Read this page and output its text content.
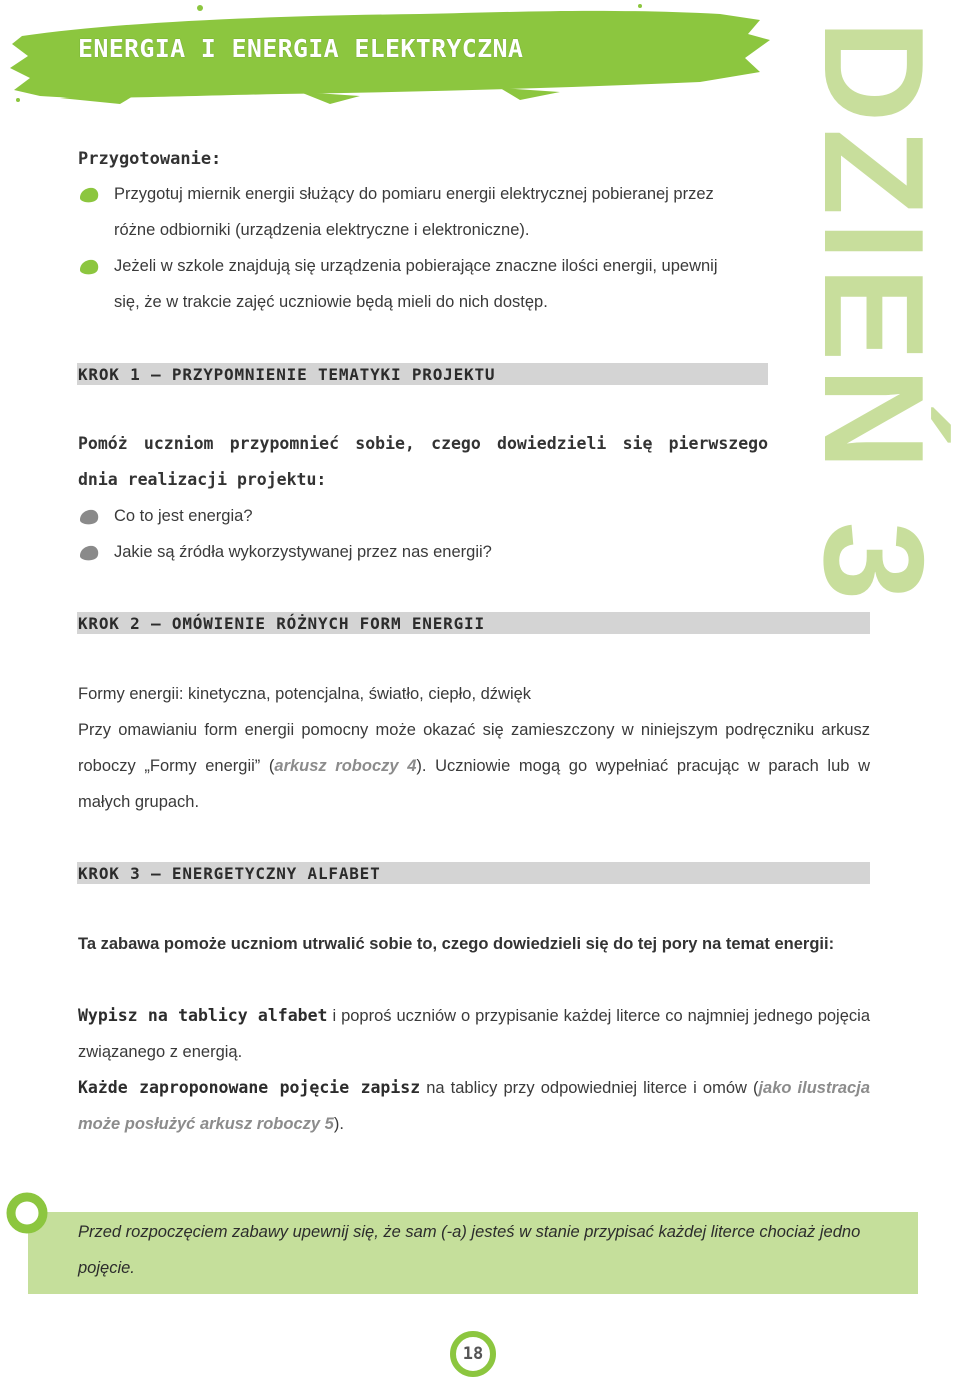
ENERGIA I ENERGIA ELEKTRYCZNA DZIEŃ 3
Przygotowanie:
Przygotuj miernik energii służący do pomiaru energii elektrycznej pobieranej przez różne odbiorniki (urządzenia elektryczne i elektroniczne).
Jeżeli w szkole znajdują się urządzenia pobierające znaczne ilości energii, upewnij się, że w trakcie zajęć uczniowie będą mieli do nich dostęp.
KROK 1 – PRZYPOMNIENIE TEMATYKI PROJEKTU
Pomóż uczniom przypomnieć sobie, czego dowiedzieli się pierwszego dnia realizacji projektu:
Co to jest energia?
Jakie są źródła wykorzystywanej przez nas energii?
KROK 2 – OMÓWIENIE RÓŻNYCH FORM ENERGII
Formy energii: kinetyczna, potencjalna, światło, ciepło, dźwięk
Przy omawianiu form energii pomocny może okazać się zamieszczony w niniejszym podręczniku arkusz roboczy „Formy energii” (arkusz roboczy 4). Uczniowie mogą go wypełniać pracując w parach lub w małych grupach.
KROK 3 – ENERGETYCZNY ALFABET
Ta zabawa pomoże uczniom utrwalić sobie to, czego dowiedzieli się do tej pory na temat energii:
Wypisz na tablicy alfabet i poproś uczniów o przypisanie każdej literce co najmniej jednego pojęcia związanego z energią.
Każde zaproponowane pojęcie zapisz na tablicy przy odpowiedniej literce i omów (jako ilustracja może posłużyć arkusz roboczy 5).
Przed rozpoczęciem zabawy upewnij się, że sam (-a) jesteś w stanie przypisać każdej literce chociaż jedno pojęcie.
18
